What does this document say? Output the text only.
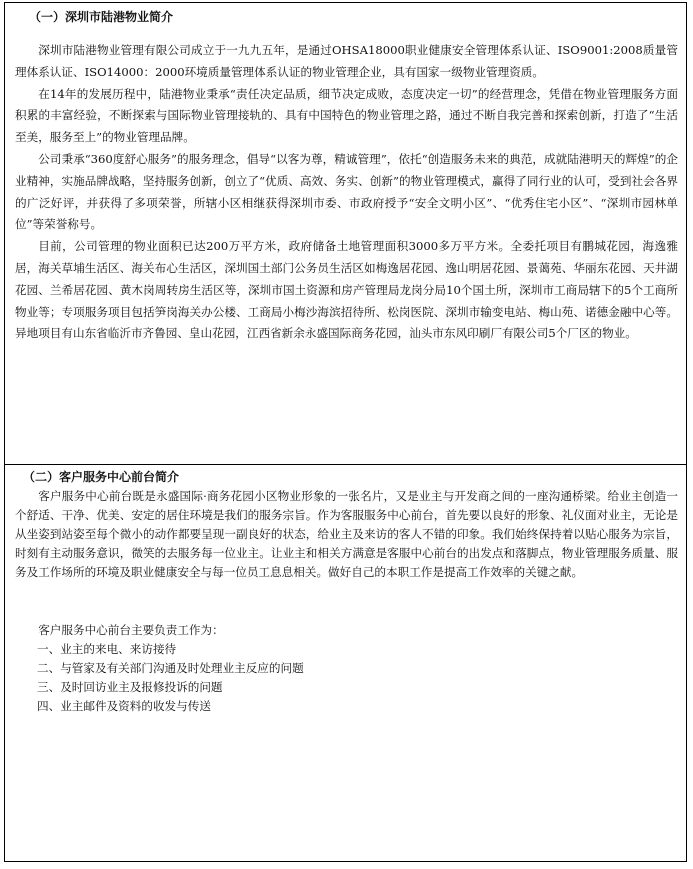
（一）深圳市陆港物业简介

深圳市陆港物业管理有限公司成立于一九九五年，是通过OHSA18000职业健康安全管理体系认证、ISO9001:2008质量管理体系认证、ISO14000：2000环境质量管理体系认证的物业管理企业，具有国家一级物业管理资质。

在14年的发展历程中，陆港物业秉承“责任决定品质，细节决定成败，态度决定一切”的经营理念，凭借在物业管理服务方面积累的丰富经验，不断探索与国际物业管理接轨的、具有中国特色的物业管理之路，通过不断自我完善和探索创新，打造了“生活至美，服务至上”的物业管理品牌。

公司秉承“360度舒心服务”的服务理念，倡导“以客为尊，精诚管理”，依托“创造服务未来的典范，成就陆港明天的辉煌”的企业精神，实施品牌战略，坚持服务创新，创立了“优质、高效、务实、创新”的物业管理模式，赢得了同行业的认可，受到社会各界的广泛好评，并获得了多项荣誉，所辖小区相继获得深圳市委、市政府授予“安全文明小区”、“优秀住宅小区”、“深圳市园林单位”等荣誉称号。

目前，公司管理的物业面积已达200万平方米，政府储备土地管理面积3000多万平方米。全委托项目有鹏城花园，海逸雅居，海关草埔生活区、海关布心生活区，深圳国土部门公务员生活区如梅逸居花园、逸山明居花园、景蔼苑、华丽东花园、天井湖花园、兰希居花园、黄木岗周转房生活区等，深圳市国土资源和房产管理局龙岗分局10个国土所，深圳市工商局辖下的5个工商所物业等；专项服务项目包括笋岗海关办公楼、工商局小梅沙海滨招待所、松岗医院、深圳市输变电站、梅山苑、诺德金融中心等。异地项目有山东省临沂市齐鲁园、皇山花园，江西省新余永盛国际商务花园，汕头市东风印刷厂有限公司5个厂区的物业。

（二）客户服务中心前台简介

客户服务中心前台既是永盛国际·商务花园小区物业形象的一张名片，又是业主与开发商之间的一座沟通桥梁。给业主创造一个舒适、干净、优美、安定的居住环境是我们的服务宗旨。作为客服服务中心前台，首先要以良好的形象、礼仪面对业主，无论是从坐姿到站姿至每个微小的动作都要呈现一副良好的状态，给业主及来访的客人不错的印象。我们始终保持着以贴心服务为宗旨，时刻有主动服务意识，微笑的去服务每一位业主。让业主和相关方满意是客服中心前台的出发点和落脚点，物业管理服务质量、服务及工作场所的环境及职业健康安全与每一位员工息息相关。做好自己的本职工作是提高工作效率的关键之献。

客户服务中心前台主要负责工作为：
一、业主的来电、来访接待
二、与管家及有关部门沟通及时处理业主反应的问题
三、及时回访业主及报修投诉的问题
四、业主邮件及资料的收发与传送
